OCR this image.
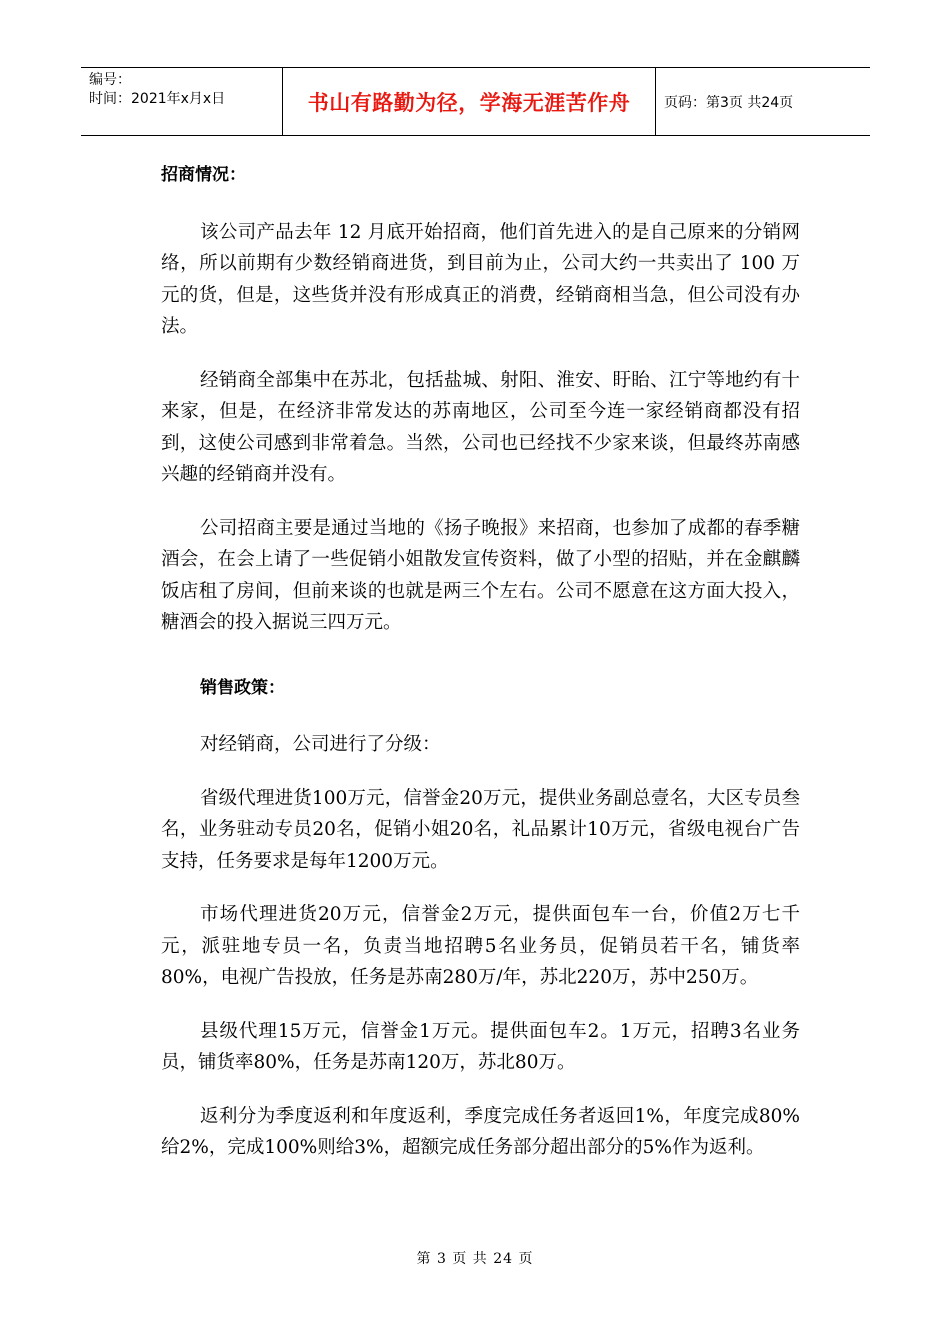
编号：
时间：2021年x月x日	书山有路勤为径，学海无涯苦作舟	页码：第3页 共24页

招商情况：

该公司产品去年 12 月底开始招商，他们首先进入的是自己原来的分销网络，所以前期有少数经销商进货，到目前为止，公司大约一共卖出了 100 万元的货，但是，这些货并没有形成真正的消费，经销商相当急，但公司没有办法。

经销商全部集中在苏北，包括盐城、射阳、淮安、盱眙、江宁等地约有十来家，但是，在经济非常发达的苏南地区，公司至今连一家经销商都没有招到，这使公司感到非常着急。当然，公司也已经找不少家来谈，但最终苏南感兴趣的经销商并没有。

公司招商主要是通过当地的《扬子晚报》来招商，也参加了成都的春季糖酒会，在会上请了一些促销小姐散发宣传资料，做了小型的招贴，并在金麒麟饭店租了房间，但前来谈的也就是两三个左右。公司不愿意在这方面大投入，糖酒会的投入据说三四万元。

销售政策：

对经销商，公司进行了分级：

省级代理进货100万元，信誉金20万元，提供业务副总壹名，大区专员叁名，业务驻动专员20名，促销小姐20名，礼品累计10万元，省级电视台广告支持，任务要求是每年1200万元。

市场代理进货20万元，信誉金2万元，提供面包车一台，价值2万七千元，派驻地专员一名，负责当地招聘5名业务员，促销员若干名，铺货率80%，电视广告投放，任务是苏南280万/年，苏北220万，苏中250万。

县级代理15万元，信誉金1万元。提供面包车2。1万元，招聘3名业务员，铺货率80%，任务是苏南120万，苏北80万。

返利分为季度返利和年度返利，季度完成任务者返回1%，年度完成80%给2%，完成100%则给3%，超额完成任务部分超出部分的5%作为返利。

第 3 页 共 24 页
